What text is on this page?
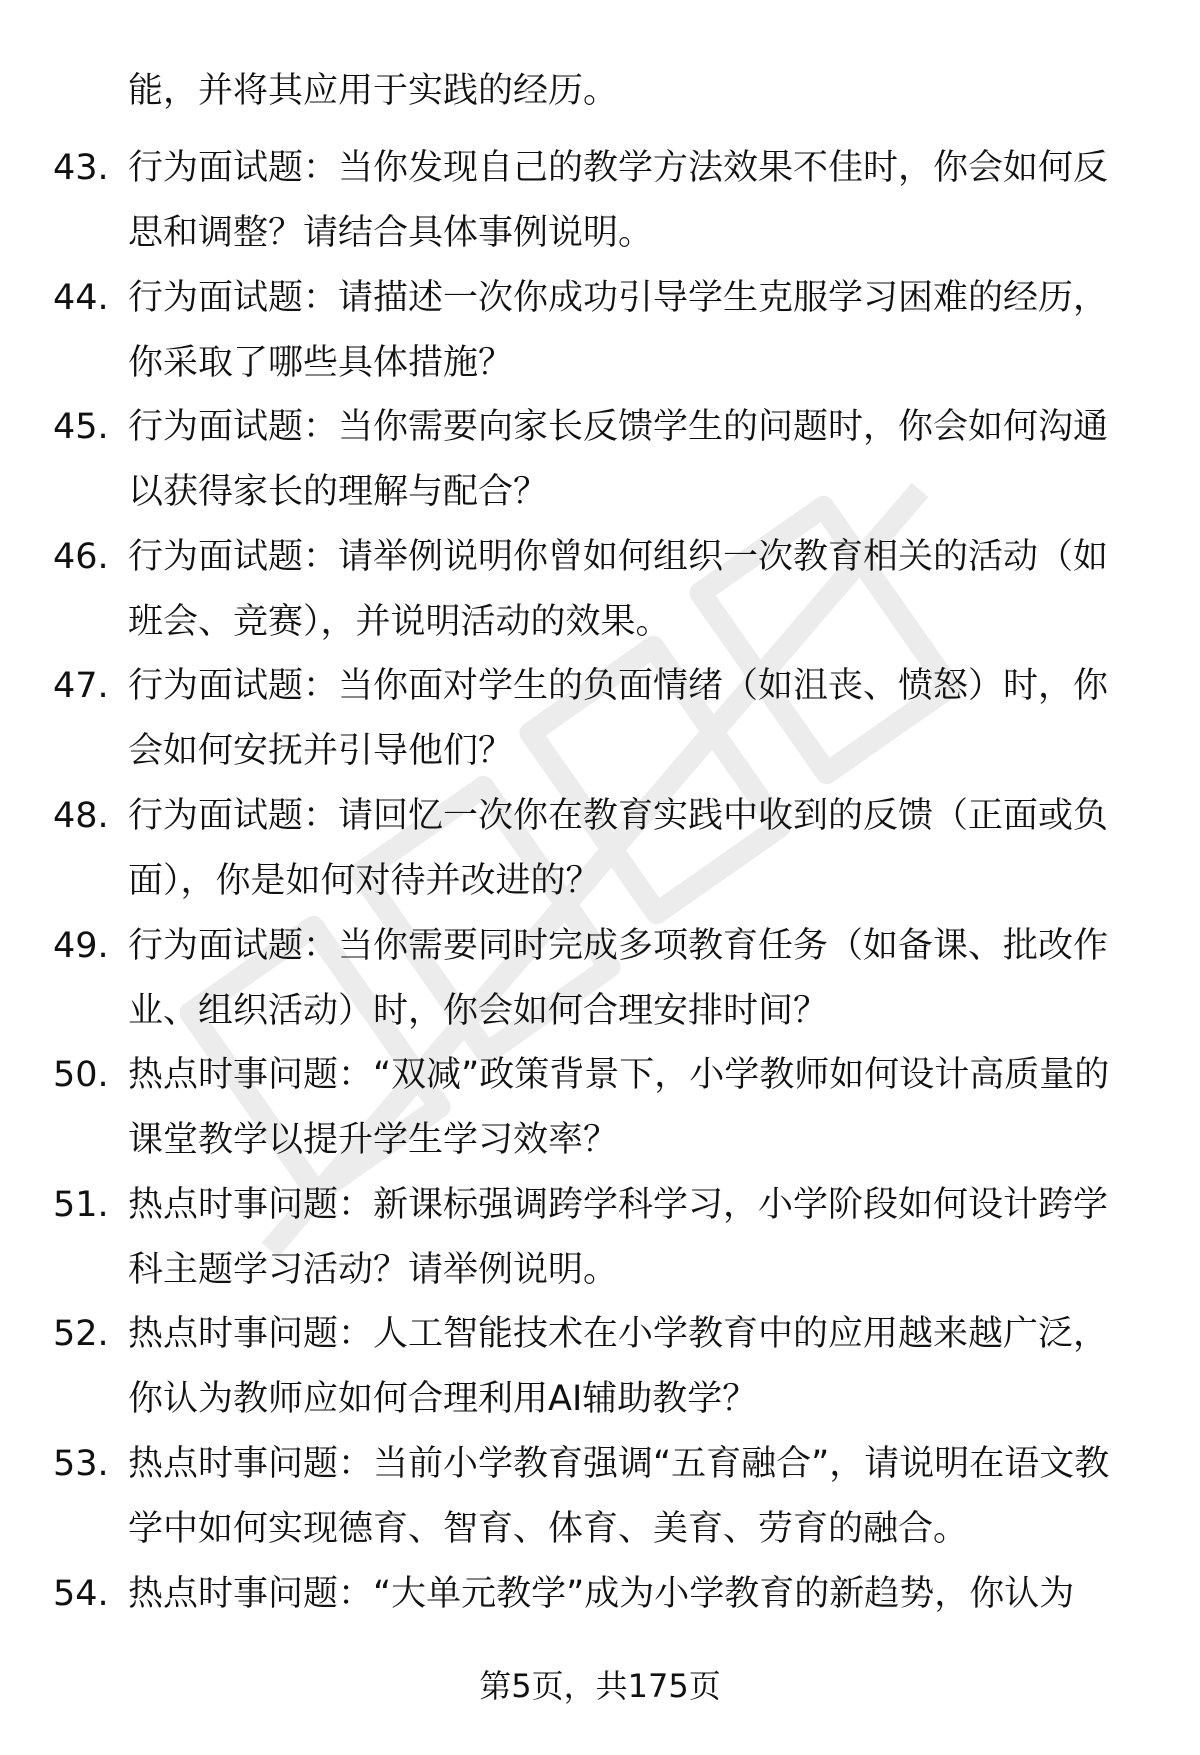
能，并将其应用于实践的经历。

43. 行为面试题：当你发现自己的教学方法效果不佳时，你会如何反思和调整？请结合具体事例说明。

44. 行为面试题：请描述一次你成功引导学生克服学习困难的经历，你采取了哪些具体措施？

45. 行为面试题：当你需要向家长反馈学生的问题时，你会如何沟通以获得家长的理解与配合？

46. 行为面试题：请举例说明你曾如何组织一次教育相关的活动（如班会、竞赛），并说明活动的效果。

47. 行为面试题：当你面对学生的负面情绪（如沮丧、愤怒）时，你会如何安抚并引导他们？

48. 行为面试题：请回忆一次你在教育实践中收到的反馈（正面或负面），你是如何对待并改进的？

49. 行为面试题：当你需要同时完成多项教育任务（如备课、批改作业、组织活动）时，你会如何合理安排时间？

50. 热点时事问题：“双减”政策背景下，小学教师如何设计高质量的课堂教学以提升学生学习效率？

51. 热点时事问题：新课标强调跨学科学习，小学阶段如何设计跨学科主题学习活动？请举例说明。

52. 热点时事问题：人工智能技术在小学教育中的应用越来越广泛，你认为教师应如何合理利用AI辅助教学？

53. 热点时事问题：当前小学教育强调“五育融合”，请说明在语文教学中如何实现德育、智育、体育、美育、劳育的融合。

54. 热点时事问题：“大单元教学”成为小学教育的新趋势，你认为

第5页，共175页
